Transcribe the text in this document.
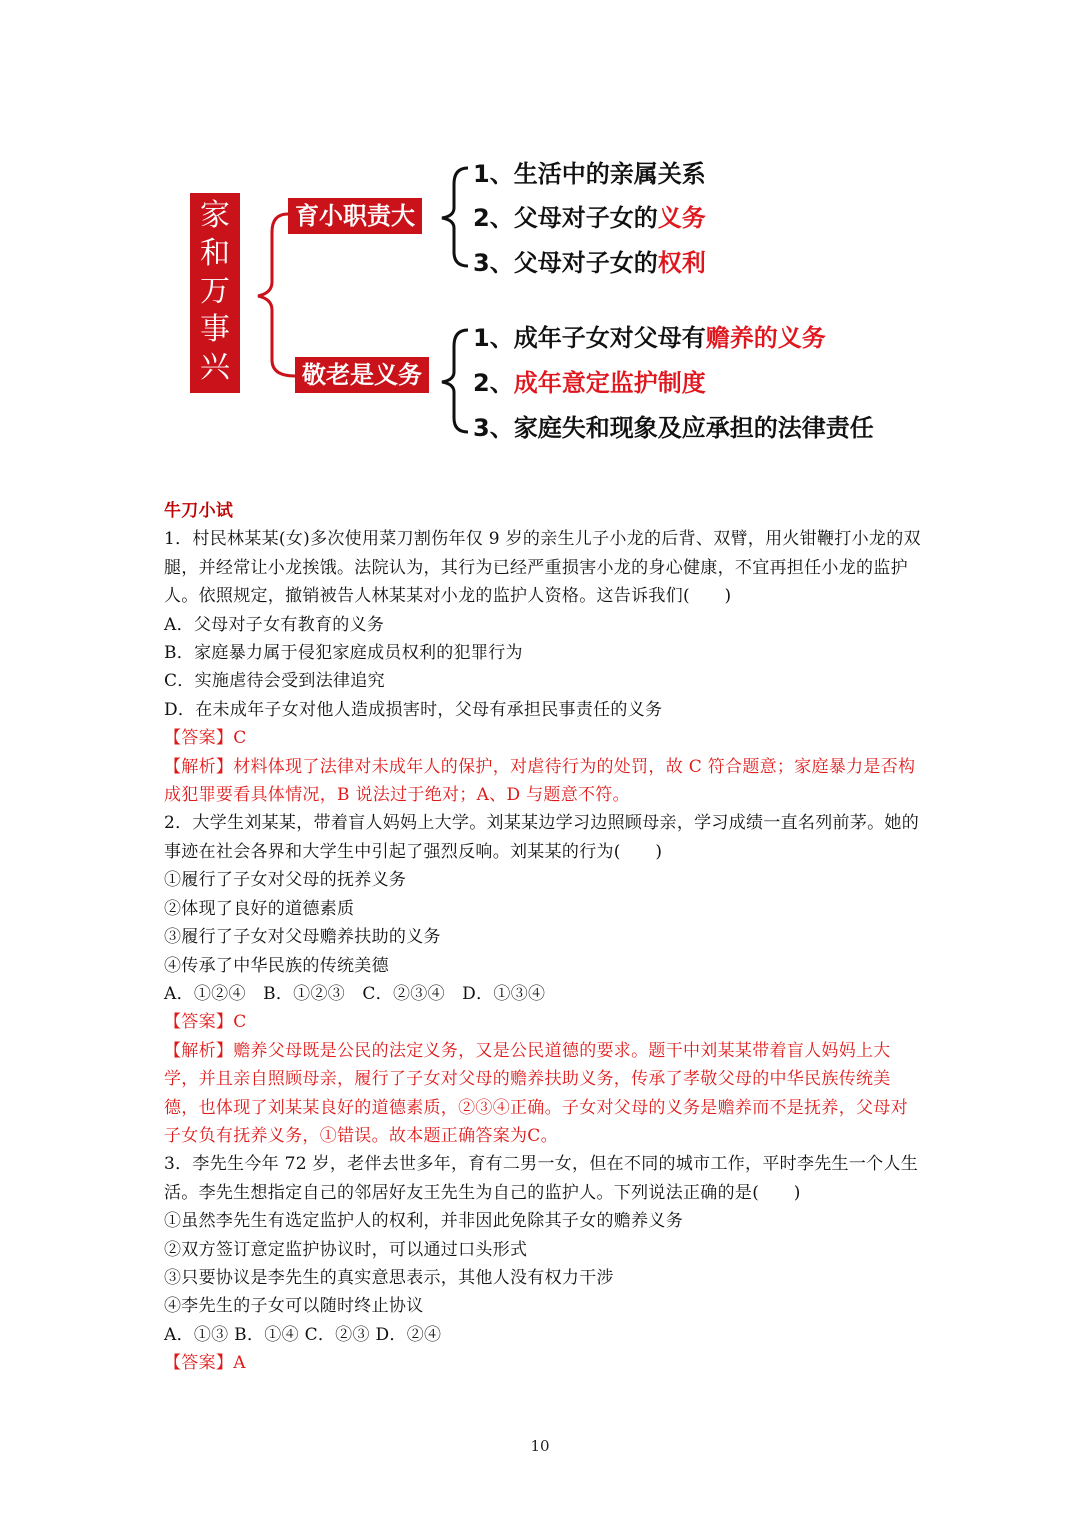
家
和
万
事
兴
育小职责大
敬老是义务
1、生活中的亲属关系
2、父母对子女的义务
3、父母对子女的权利
1、成年子女对父母有赡养的义务
2、成年意定监护制度
3、家庭失和现象及应承担的法律责任

牛刀小试

1．村民林某某(女)多次使用菜刀割伤年仅 9 岁的亲生儿子小龙的后背、双臂，用火钳鞭打小龙的双腿，并经常让小龙挨饿。法院认为，其行为已经严重损害小龙的身心健康，不宜再担任小龙的监护人。依照规定，撤销被告人林某某对小龙的监护人资格。这告诉我们(　　)

A．父母对子女有教育的义务

B．家庭暴力属于侵犯家庭成员权利的犯罪行为

C．实施虐待会受到法律追究

D．在未成年子女对他人造成损害时，父母有承担民事责任的义务

【答案】C

【解析】材料体现了法律对未成年人的保护，对虐待行为的处罚，故 C 符合题意；家庭暴力是否构成犯罪要看具体情况，B 说法过于绝对；A、D 与题意不符。

2．大学生刘某某，带着盲人妈妈上大学。刘某某边学习边照顾母亲，学习成绩一直名列前茅。她的事迹在社会各界和大学生中引起了强烈反响。刘某某的行为(　　)

①履行了子女对父母的抚养义务

②体现了良好的道德素质

③履行了子女对父母赡养扶助的义务

④传承了中华民族的传统美德

A．①②④　B．①②③　C．②③④　D．①③④

【答案】C

【解析】赡养父母既是公民的法定义务，又是公民道德的要求。题干中刘某某带着盲人妈妈上大学，并且亲自照顾母亲，履行了子女对父母的赡养扶助义务，传承了孝敬父母的中华民族传统美德，也体现了刘某某良好的道德素质，②③④正确。子女对父母的义务是赡养而不是抚养，父母对子女负有抚养义务，①错误。故本题正确答案为C。

3．李先生今年 72 岁，老伴去世多年，育有二男一女，但在不同的城市工作，平时李先生一个人生活。李先生想指定自己的邻居好友王先生为自己的监护人。下列说法正确的是(　　)

①虽然李先生有选定监护人的权利，并非因此免除其子女的赡养义务

②双方签订意定监护协议时，可以通过口头形式

③只要协议是李先生的真实意思表示，其他人没有权力干涉

④李先生的子女可以随时终止协议

A．①③ B．①④ C．②③ D．②④

【答案】A

10
